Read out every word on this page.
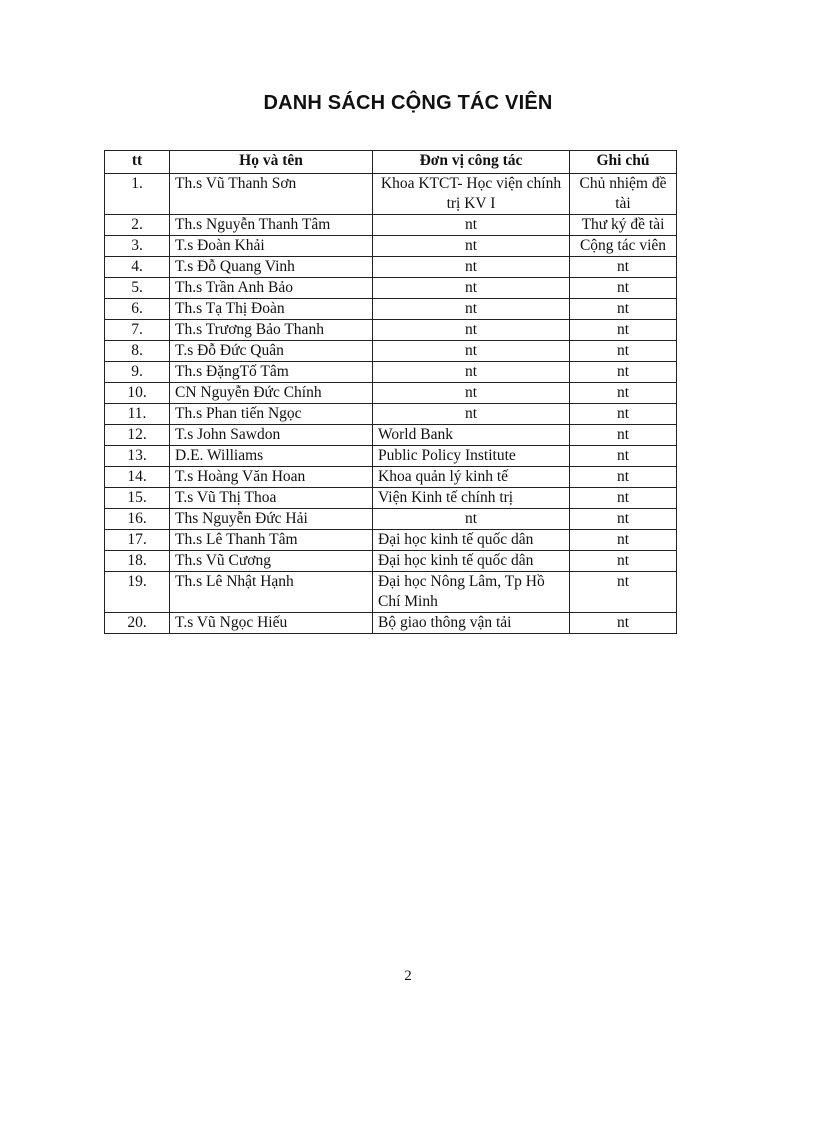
DANH SÁCH CỘNG TÁC VIÊN
tt	Họ và tên	Đơn vị công tác	Ghi chú
1.	Th.s Vũ Thanh Sơn	Khoa KTCT- Học viện chính trị KV I	Chủ nhiệm đề tài
2.	Th.s Nguyễn Thanh Tâm	nt	Thư ký đề tài
3.	T.s Đoàn Khải	nt	Cộng tác viên
4.	T.s Đỗ Quang Vinh	nt	nt
5.	Th.s Trần Anh Bảo	nt	nt
6.	Th.s Tạ Thị Đoàn	nt	nt
7.	Th.s Trương Bảo Thanh	nt	nt
8.	T.s Đỗ Đức Quân	nt	nt
9.	Th.s ĐặngTố Tâm	nt	nt
10.	CN Nguyễn Đức Chính	nt	nt
11.	Th.s Phan tiến Ngọc	nt	nt
12.	T.s John Sawdon	World Bank	nt
13.	D.E. Williams	Public Policy Institute	nt
14.	T.s Hoàng Văn Hoan	Khoa quản lý kinh tế	nt
15.	T.s Vũ Thị Thoa	Viện Kinh tế chính trị	nt
16.	Ths Nguyễn Đức Hải	nt	nt
17.	Th.s Lê Thanh Tâm	Đại học kinh tế quốc dân	nt
18.	Th.s Vũ Cương	Đại học kinh tế quốc dân	nt
19.	Th.s Lê Nhật Hạnh	Đại học Nông Lâm, Tp Hồ Chí Minh	nt
20.	T.s Vũ Ngọc Hiếu	Bộ giao thông vận tải	nt
2
